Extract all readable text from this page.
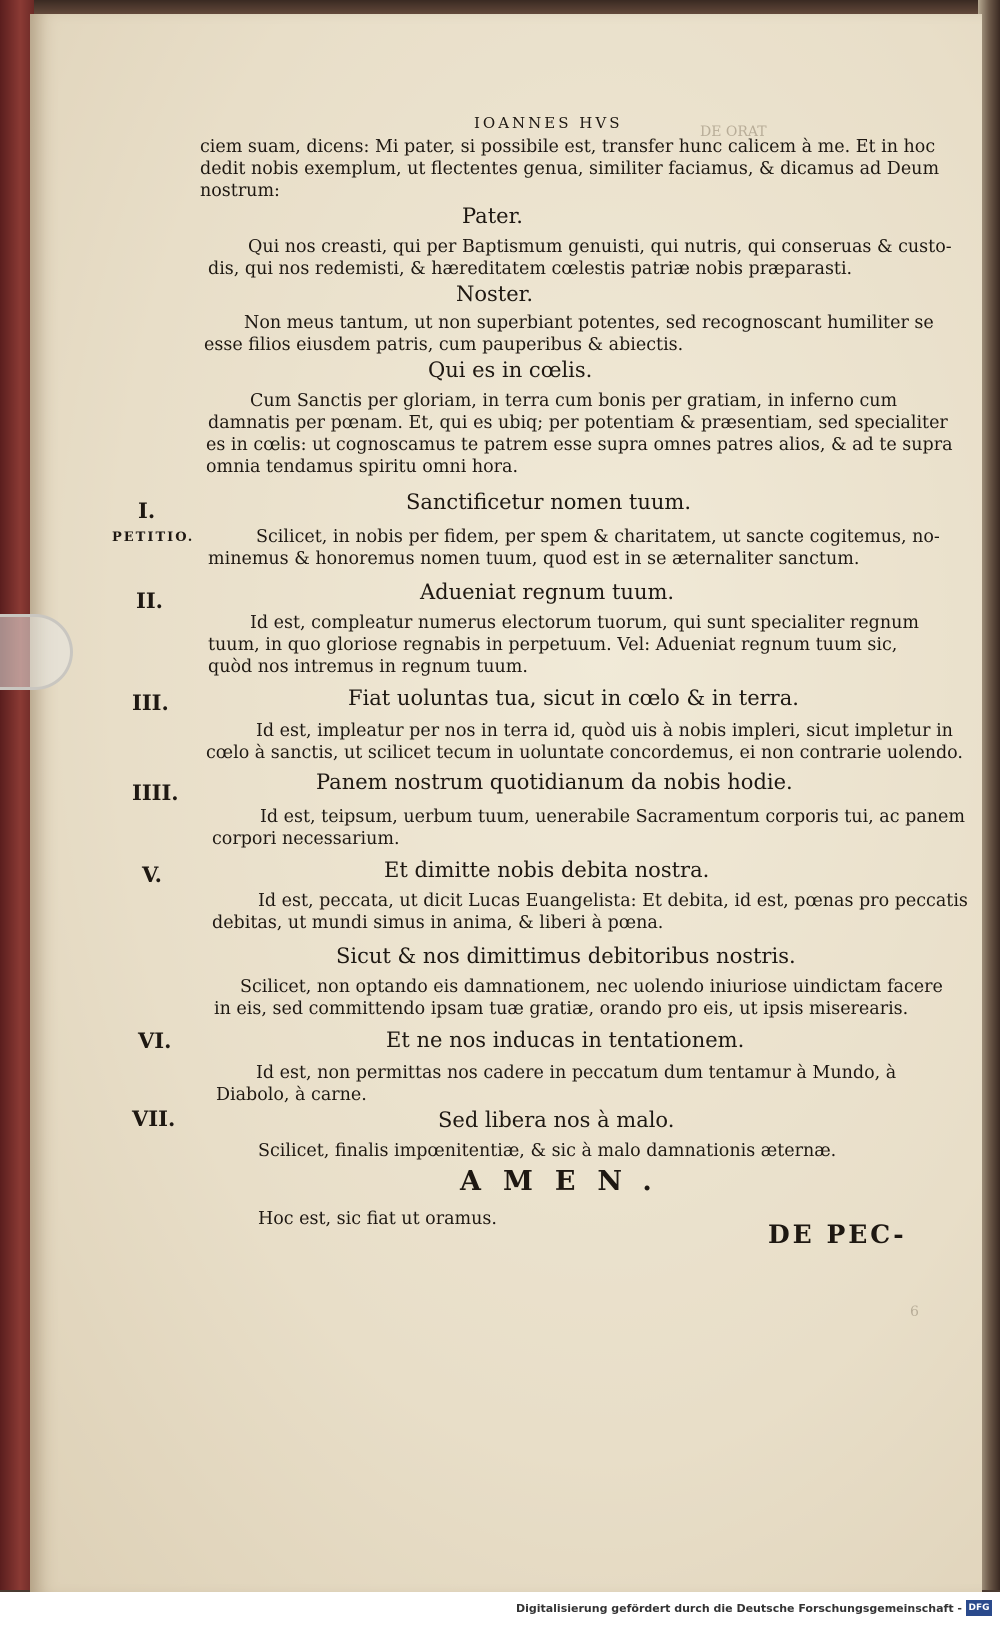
DE ORAT
IOANNES HVS
ciem suam, dicens: Mi pater, si possibile est, transfer hunc calicem à me. Et in hoc
dedit nobis exemplum, ut flectentes genua, similiter faciamus, & dicamus ad Deum
nostrum:
Pater.
Qui nos creasti, qui per Baptismum genuisti, qui nutris, qui conseruas & custo-
dis, qui nos redemisti, & hæreditatem cœlestis patriæ nobis præparasti.
Noster.
Non meus tantum, ut non superbiant potentes, sed recognoscant humiliter se
esse filios eiusdem patris, cum pauperibus & abiectis.
Qui es in cœlis.
Cum Sanctis per gloriam, in terra cum bonis per gratiam, in inferno cum
damnatis per pœnam. Et, qui es ubiq; per potentiam & præsentiam, sed specialiter
es in cœlis: ut cognoscamus te patrem esse supra omnes patres alios, & ad te supra
omnia tendamus spiritu omni hora.
I.
PETITIO.
Sanctificetur nomen tuum.
Scilicet, in nobis per fidem, per spem & charitatem, ut sancte cogitemus, no-
minemus & honoremus nomen tuum, quod est in se æternaliter sanctum.
II.	Adueniat regnum tuum.
Id est, compleatur numerus electorum tuorum, qui sunt specialiter regnum
tuum, in quo gloriose regnabis in perpetuum. Vel: Adueniat regnum tuum sic,
quòd nos intremus in regnum tuum.
III.	Fiat uoluntas tua, sicut in cœlo & in terra.
Id est, impleatur per nos in terra id, quòd uis à nobis impleri, sicut impletur in
cœlo à sanctis, ut scilicet tecum in uoluntate concordemus, ei non contrarie uolendo.
IIII.	Panem nostrum quotidianum da nobis hodie.
Id est, teipsum, uerbum tuum, uenerabile Sacramentum corporis tui, ac panem
corpori necessarium.
V.	Et dimitte nobis debita nostra.
Id est, peccata, ut dicit Lucas Euangelista: Et debita, id est, pœnas pro peccatis
debitas, ut mundi simus in anima, & liberi à pœna.
Sicut & nos dimittimus debitoribus nostris.
Scilicet, non optando eis damnationem, nec uolendo iniuriose uindictam facere
in eis, sed committendo ipsam tuæ gratiæ, orando pro eis, ut ipsis miserearis.
VI.	Et ne nos inducas in tentationem.
Id est, non permittas nos cadere in peccatum dum tentamur à Mundo, à
Diabolo, à carne.
VII.	Sed libera nos à malo.
Scilicet, finalis impœnitentiæ, & sic à malo damnationis æternæ.
AMEN.
Hoc est, sic fiat ut oramus.
DE PEC-
6
Digitalisierung gefördert durch die Deutsche Forschungsgemeinschaft - DFG
